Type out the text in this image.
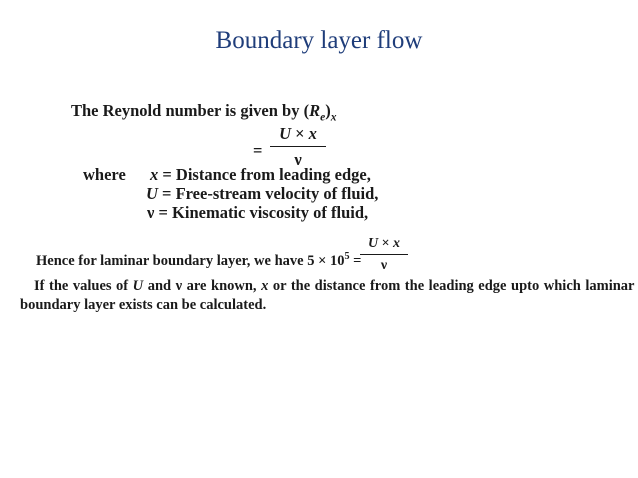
Boundary layer flow
The Reynold number is given by $(R_e)_x$
=
U × x
ν
where x = Distance from leading edge,
U = Free-stream velocity of fluid,
ν = Kinematic viscosity of fluid,
Hence for laminar boundary layer, we have $5 \times 10^5$ =
U × x
ν
If the values of U and ν are known, x or the distance from the leading edge upto which laminar
boundary layer exists can be calculated.
